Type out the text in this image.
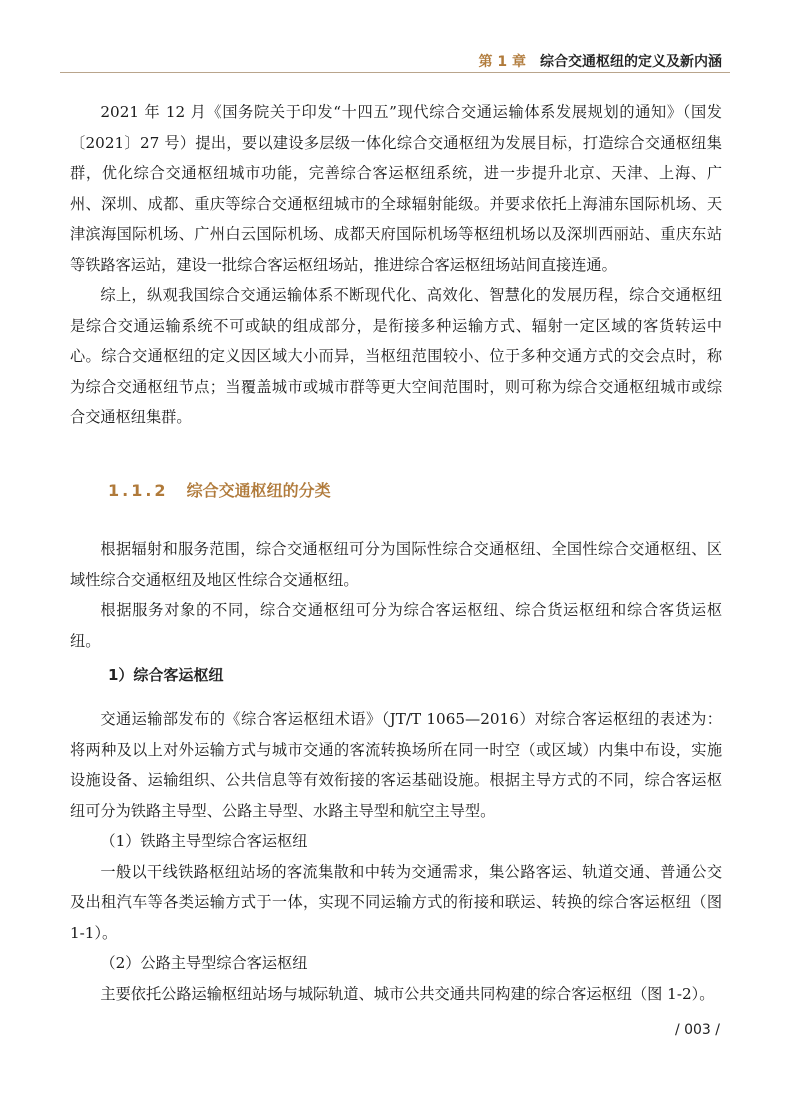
第 1 章 综合交通枢纽的定义及新内涵

2021 年 12 月《国务院关于印发“十四五”现代综合交通运输体系发展规划的通知》（国发〔2021〕27 号）提出，要以建设多层级一体化综合交通枢纽为发展目标，打造综合交通枢纽集群，优化综合交通枢纽城市功能，完善综合客运枢纽系统，进一步提升北京、天津、上海、广州、深圳、成都、重庆等综合交通枢纽城市的全球辐射能级。并要求依托上海浦东国际机场、天津滨海国际机场、广州白云国际机场、成都天府国际机场等枢纽机场以及深圳西丽站、重庆东站等铁路客运站，建设一批综合客运枢纽场站，推进综合客运枢纽场站间直接连通。

综上，纵观我国综合交通运输体系不断现代化、高效化、智慧化的发展历程，综合交通枢纽是综合交通运输系统不可或缺的组成部分，是衔接多种运输方式、辐射一定区域的客货转运中心。综合交通枢纽的定义因区域大小而异，当枢纽范围较小、位于多种交通方式的交会点时，称为综合交通枢纽节点；当覆盖城市或城市群等更大空间范围时，则可称为综合交通枢纽城市或综合交通枢纽集群。

1.1.2 综合交通枢纽的分类

根据辐射和服务范围，综合交通枢纽可分为国际性综合交通枢纽、全国性综合交通枢纽、区域性综合交通枢纽及地区性综合交通枢纽。

根据服务对象的不同，综合交通枢纽可分为综合客运枢纽、综合货运枢纽和综合客货运枢纽。

1）综合客运枢纽

交通运输部发布的《综合客运枢纽术语》（JT/T 1065—2016）对综合客运枢纽的表述为：将两种及以上对外运输方式与城市交通的客流转换场所在同一时空（或区域）内集中布设，实施设施设备、运输组织、公共信息等有效衔接的客运基础设施。根据主导方式的不同，综合客运枢纽可分为铁路主导型、公路主导型、水路主导型和航空主导型。

（1）铁路主导型综合客运枢纽

一般以干线铁路枢纽站场的客流集散和中转为交通需求，集公路客运、轨道交通、普通公交及出租汽车等各类运输方式于一体，实现不同运输方式的衔接和联运、转换的综合客运枢纽（图 1-1）。

（2）公路主导型综合客运枢纽

主要依托公路运输枢纽站场与城际轨道、城市公共交通共同构建的综合客运枢纽（图 1-2）。

/ 003 /
